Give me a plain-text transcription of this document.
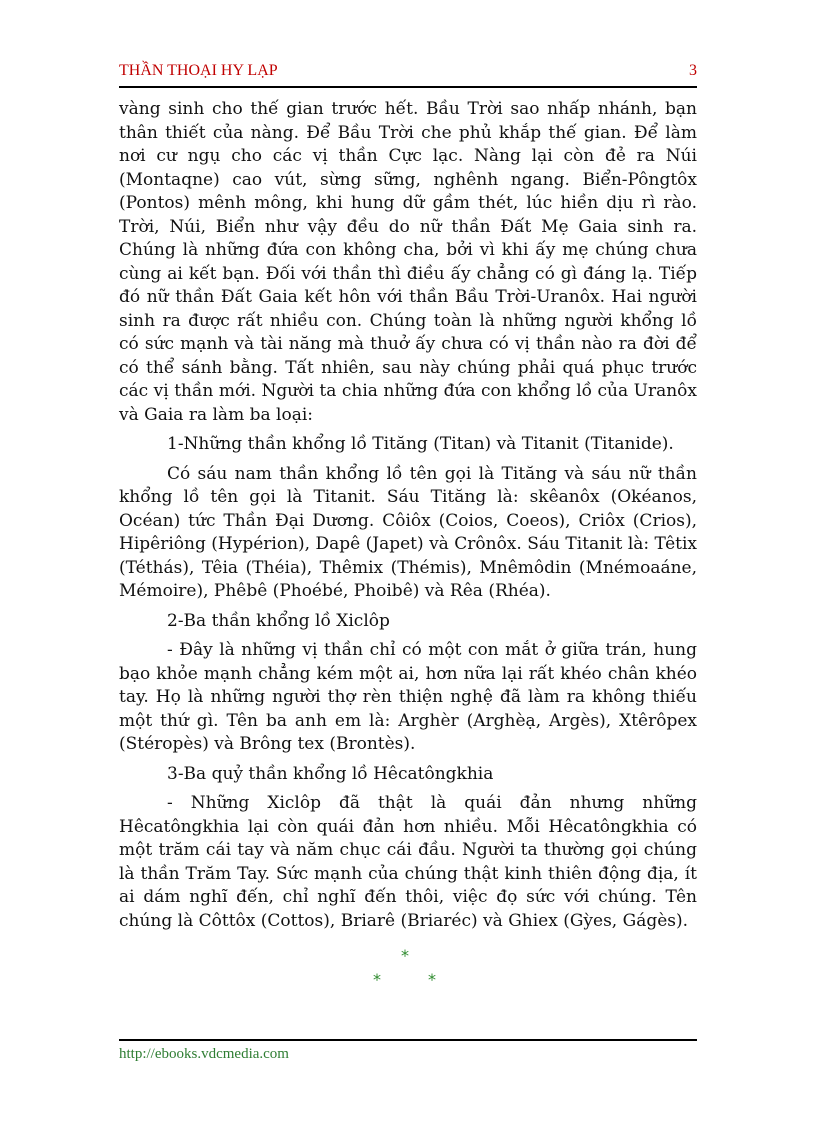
THẦN THOẠI HY LẠP	3

vàng sinh cho thế gian trước hết. Bầu Trời sao nhấp nhánh, bạn thân thiết của nàng. Để Bầu Trời che phủ khắp thế gian. Để làm nơi cư ngụ cho các vị thần Cực lạc. Nàng lại còn đẻ ra Núi (Montaqne) cao vút, sừng sững, nghênh ngang. Biển-Pôngtôx (Pontos) mênh mông, khi hung dữ gầm thét, lúc hiền dịu rì rào. Trời, Núi, Biển như vậy đều do nữ thần Đất Mẹ Gaia sinh ra. Chúng là những đứa con không cha, bởi vì khi ấy mẹ chúng chưa cùng ai kết bạn. Đối với thần thì điều ấy chẳng có gì đáng lạ. Tiếp đó nữ thần Đất Gaia kết hôn với thần Bầu Trời-Uranôx. Hai người sinh ra được rất nhiều con. Chúng toàn là những người khổng lồ có sức mạnh và tài năng mà thuở ấy chưa có vị thần nào ra đời để có thể sánh bằng. Tất nhiên, sau này chúng phải quá phục trước các vị thần mới. Người ta chia những đứa con khổng lồ của Uranôx và Gaia ra làm ba loại:

1-Những thần khổng lồ Tităng (Titan) và Titanit (Titanide).

Có sáu nam thần khổng lồ tên gọi là Tităng và sáu nữ thần khổng lồ tên gọi là Titanit. Sáu Tităng là: skêanôx (Okéanos, Océan) tức Thần Đại Dương. Côiôx (Coios, Coeos), Criôx (Crios), Hipêriông (Hypérion), Dapê (Japet) và Crônôx. Sáu Titanit là: Têtix (Téthás), Têia (Théia), Thêmix (Thémis), Mnêmôdin (Mnémoaáne, Mémoire), Phêbê (Phoébé, Phoibê) và Rêa (Rhéa).

2-Ba thần khổng lồ Xiclôp

- Đây là những vị thần chỉ có một con mắt ở giữa trán, hung bạo khỏe mạnh chẳng kém một ai, hơn nữa lại rất khéo chân khéo tay. Họ là những người thợ rèn thiện nghệ đã làm ra không thiếu một thứ gì. Tên ba anh em là: Arghèr (Arghèạ, Argès), Xtêrôpex (Stéropès) và Brông tex (Brontès).

3-Ba quỷ thần khổng lồ Hêcatôngkhia

- Những Xiclôp đã thật là quái đản nhưng những Hêcatôngkhia lại còn quái đản hơn nhiều. Mỗi Hêcatôngkhia có một trăm cái tay và năm chục cái đầu. Người ta thường gọi chúng là thần Trăm Tay. Sức mạnh của chúng thật kinh thiên động địa, ít ai dám nghĩ đến, chỉ nghĩ đến thôi, việc đọ sức với chúng. Tên chúng là Côttôx (Cottos), Briarê (Briaréc) và Ghiex (Gỳes, Gágès).

*
*	*
http://ebooks.vdcmedia.com
